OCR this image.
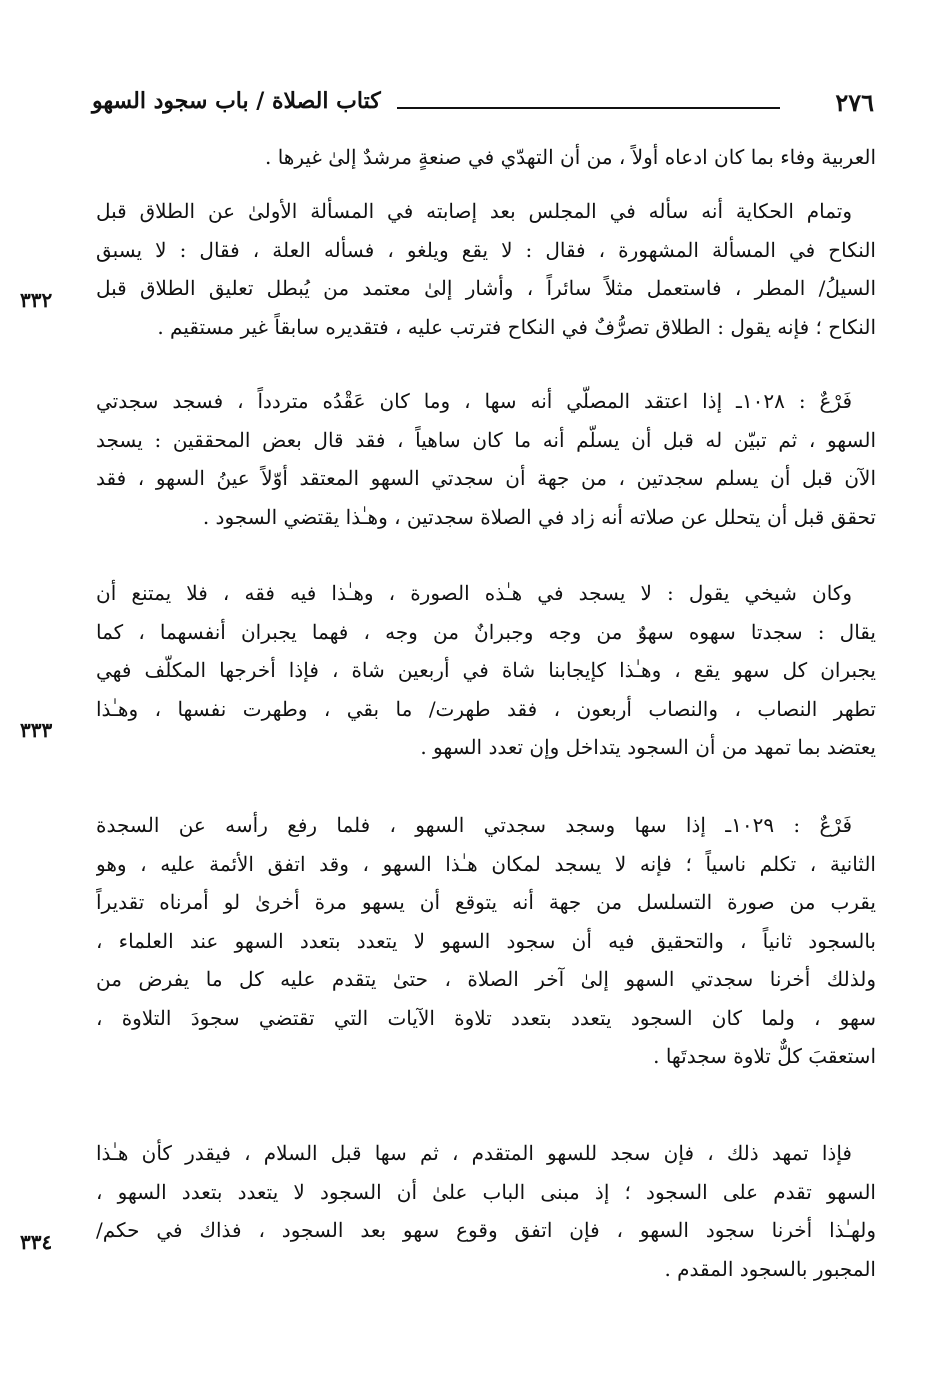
٢٧٦
كتاب الصلاة / باب سجود السهو
العربية وفاء بما كان ادعاه أولاً ، من أن التهدّي في صنعةٍ مرشدٌ إلىٰ غيرها .
وتمام الحكاية أنه سأله في المجلس بعد إصابته في المسألة الأولىٰ عن الطلاق قبل
النكاح في المسألة المشهورة ، فقال : لا يقع ويلغو ، فسأله العلة ، فقال : لا يسبق
السيلُ/ المطر ، فاستعمل مثلاً سائراً ، وأشار إلىٰ معتمد من يُبطل تعليق الطلاق قبل
النكاح ؛ فإنه يقول : الطلاق تصرُّفٌ في النكاح فترتب عليه ، فتقديره سابقاً غير مستقيم .
فَرْعٌ : ١٠٢٨ـ إذا اعتقد المصلّي أنه سها ، وما كان عَقْدُه متردداً ، فسجد سجدتي
السهو ، ثم تبيّن له قبل أن يسلّم أنه ما كان ساهياً ، فقد قال بعض المحققين : يسجد
الآن قبل أن يسلم سجدتين ، من جهة أن سجدتي السهو المعتقد أوّلاً عينُ السهو ، فقد
تحقق قبل أن يتحلل عن صلاته أنه زاد في الصلاة سجدتين ، وهـٰذا يقتضي السجود .
وكان شيخي يقول : لا يسجد في هـٰذه الصورة ، وهـٰذا فيه فقه ، فلا يمتنع أن
يقال : سجدتا سهوه سهوٌ من وجه وجبرانٌ من وجه ، فهما يجبران أنفسهما ، كما
يجبران كل سهو يقع ، وهـٰذا كإيجابنا شاة في أربعين شاة ، فإذا أخرجها المكلّف فهي
تطهر النصاب ، والنصاب أربعون ، فقد طهرت/ ما بقي ، وطهرت نفسها ، وهـٰذا
يعتضد بما تمهد من أن السجود يتداخل وإن تعدد السهو .
فَرْعٌ : ١٠٢٩ـ إذا سها وسجد سجدتي السهو ، فلما رفع رأسه عن السجدة
الثانية ، تكلم ناسياً ؛ فإنه لا يسجد لمكان هـٰذا السهو ، وقد اتفق الأئمة عليه ، وهو
يقرب من صورة التسلسل من جهة أنه يتوقع أن يسهو مرة أخرىٰ لو أمرناه تقديراً
بالسجود ثانياً ، والتحقيق فيه أن سجود السهو لا يتعدد بتعدد السهو عند العلماء ،
ولذلك أخرنا سجدتي السهو إلىٰ آخر الصلاة ، حتىٰ يتقدم عليه كل ما يفرض من
سهو ، ولما كان السجود يتعدد بتعدد تلاوة الآيات التي تقتضي سجودَ التلاوة ،
استعقبَ كلٌّ تلاوة سجدتَها .
فإذا تمهد ذلك ، فإن سجد للسهو المتقدم ، ثم سها قبل السلام ، فيقدر كأن هـٰذا
السهو تقدم على السجود ؛ إذ مبنى الباب علىٰ أن السجود لا يتعدد بتعدد السهو ،
ولهـٰذا أخرنا سجود السهو ، فإن اتفق وقوع سهو بعد السجود ، فذاك في حكم/
المجبور بالسجود المقدم .
٣٣٢
٣٣٣
٣٣٤
